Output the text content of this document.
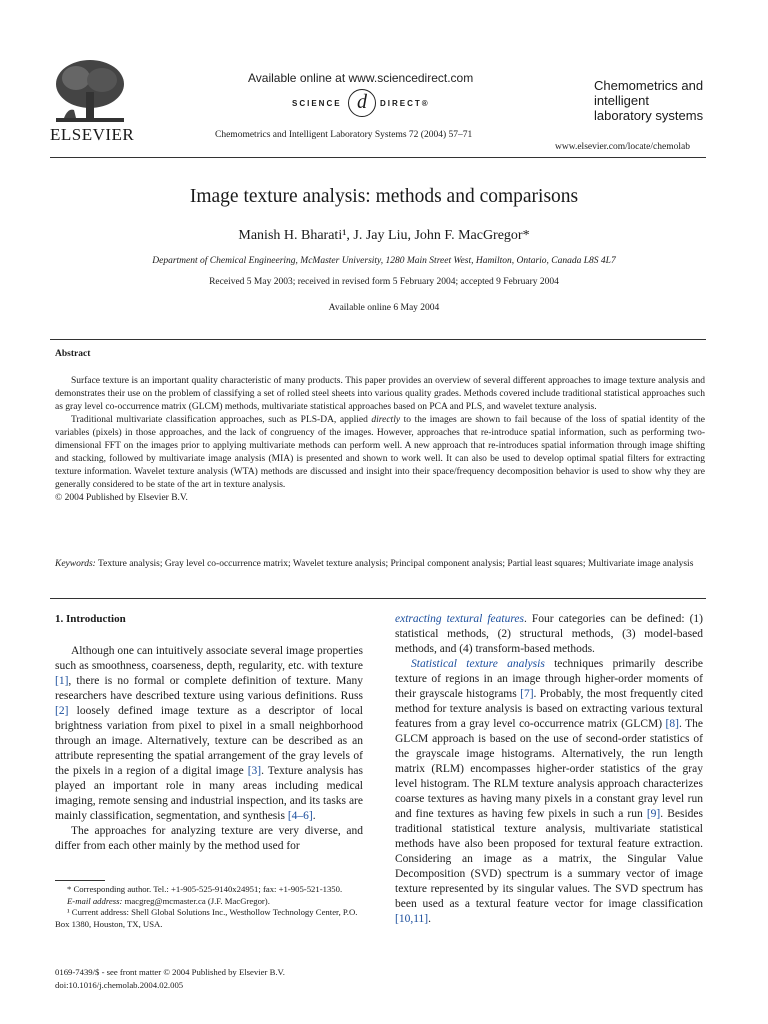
ELSEVIER
Available online at www.sciencedirect.com
SCIENCE d	DIRECT®
Chemometrics and Intelligent Laboratory Systems 72 (2004) 57–71
Chemometrics and
intelligent
laboratory systems
www.elsevier.com/locate/chemolab
Image texture analysis: methods and comparisons
Manish H. Bharati¹, J. Jay Liu, John F. MacGregor*
Department of Chemical Engineering, McMaster University, 1280 Main Street West, Hamilton, Ontario, Canada L8S 4L7
Received 5 May 2003; received in revised form 5 February 2004; accepted 9 February 2004
Available online 6 May 2004
Abstract

Surface texture is an important quality characteristic of many products. This paper provides an overview of several different approaches to image texture analysis and demonstrates their use on the problem of classifying a set of rolled steel sheets into various quality grades. Methods covered include traditional statistical approaches such as gray level co-occurrence matrix (GLCM) methods, multivariate statistical approaches based on PCA and PLS, and wavelet texture analysis.

Traditional multivariate classification approaches, such as PLS-DA, applied directly to the images are shown to fail because of the loss of spatial identity of the variables (pixels) in those approaches, and the lack of congruency of the images. However, approaches that re-introduce spatial information, such as performing two-dimensional FFT on the images prior to applying multivariate methods can perform well. A new approach that re-introduces spatial information through image shifting and stacking, followed by multivariate image analysis (MIA) is presented and shown to work well. It can also be used to develop optimal spatial filters for extracting texture information. Wavelet texture analysis (WTA) methods are discussed and insight into their space/frequency decomposition behavior is used to show why they are generally considered to be state of the art in texture analysis.

© 2004 Published by Elsevier B.V.

Keywords: Texture analysis; Gray level co-occurrence matrix; Wavelet texture analysis; Principal component analysis; Partial least squares; Multivariate image analysis

1. Introduction

Although one can intuitively associate several image properties such as smoothness, coarseness, depth, regularity, etc. with texture [1], there is no formal or complete definition of texture. Many researchers have described texture using various definitions. Russ [2] loosely defined image texture as a descriptor of local brightness variation from pixel to pixel in a small neighborhood through an image. Alternatively, texture can be described as an attribute representing the spatial arrangement of the gray levels of the pixels in a region of a digital image [3]. Texture analysis has played an important role in many areas including medical imaging, remote sensing and industrial inspection, and its tasks are mainly classification, segmentation, and synthesis [4–6].

The approaches for analyzing texture are very diverse, and differ from each other mainly by the method used for

* Corresponding author. Tel.: +1-905-525-9140x24951; fax: +1-905-521-1350.

E-mail address: macgreg@mcmaster.ca (J.F. MacGregor).

¹ Current address: Shell Global Solutions Inc., Westhollow Technology Center, P.O. Box 1380, Houston, TX, USA.

0169-7439/$ - see front matter © 2004 Published by Elsevier B.V.
doi:10.1016/j.chemolab.2004.02.005

extracting textural features. Four categories can be defined: (1) statistical methods, (2) structural methods, (3) model-based methods, and (4) transform-based methods.

Statistical texture analysis techniques primarily describe texture of regions in an image through higher-order moments of their grayscale histograms [7]. Probably, the most frequently cited method for texture analysis is based on extracting various textural features from a gray level co-occurrence matrix (GLCM) [8]. The GLCM approach is based on the use of second-order statistics of the grayscale image histograms. Alternatively, the run length matrix (RLM) encompasses higher-order statistics of the gray level histogram. The RLM texture analysis approach characterizes coarse textures as having many pixels in a constant gray level run and fine textures as having few pixels in such a run [9]. Besides traditional statistical texture analysis, multivariate statistical methods have also been proposed for textural feature extraction. Considering an image as a matrix, the Singular Value Decomposition (SVD) spectrum is a summary vector of image texture represented by its singular values. The SVD spectrum has been used as a textural feature vector for image classification [10,11].
